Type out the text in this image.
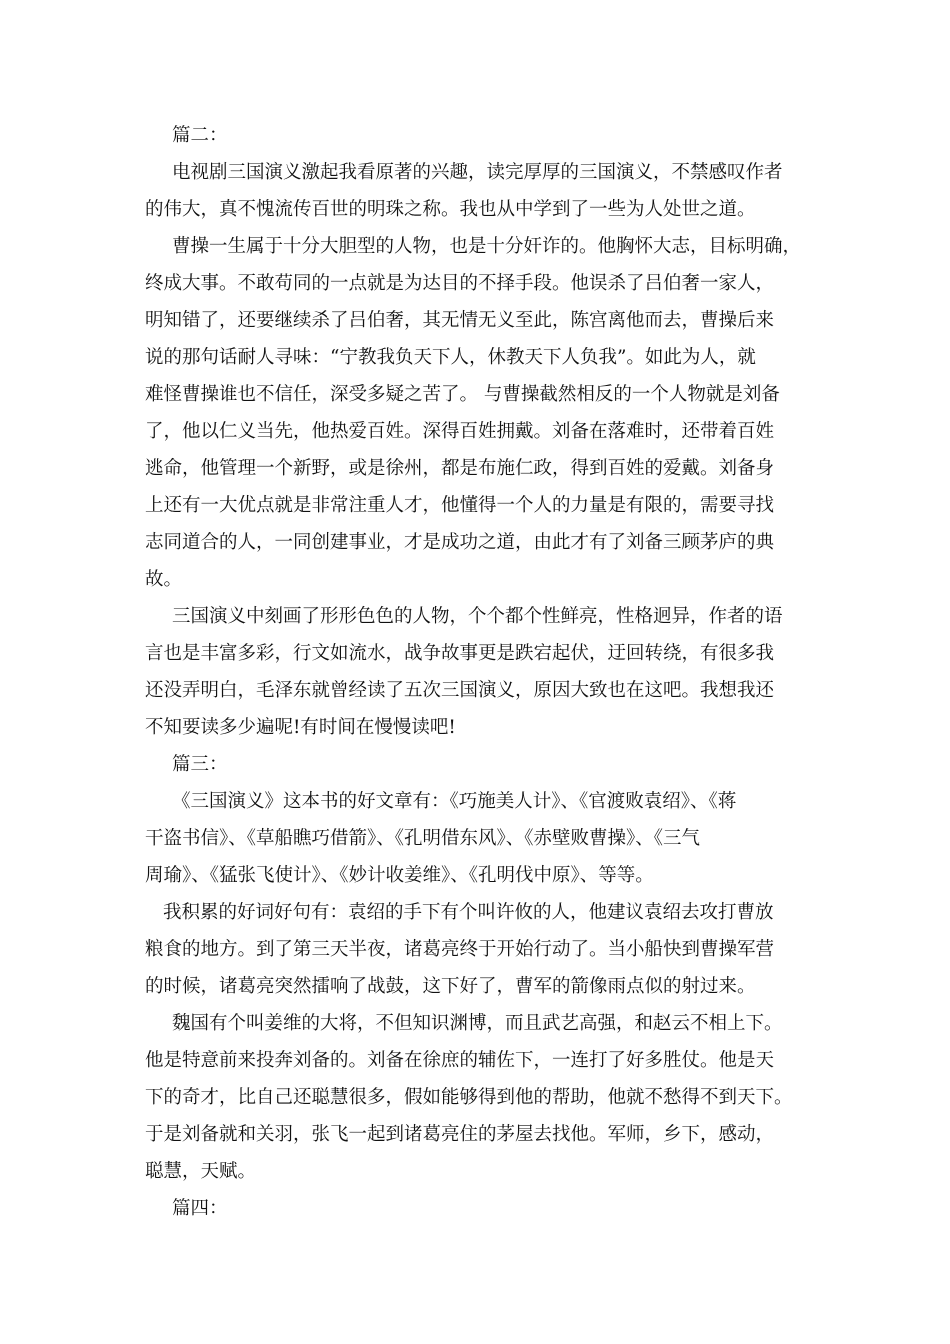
篇二：

电视剧三国演义激起我看原著的兴趣，读完厚厚的三国演义，不禁感叹作者

的伟大，真不愧流传百世的明珠之称。我也从中学到了一些为人处世之道。

曹操一生属于十分大胆型的人物，也是十分奸诈的。他胸怀大志，目标明确，

终成大事。不敢苟同的一点就是为达目的不择手段。他误杀了吕伯奢一家人，

明知错了，还要继续杀了吕伯奢，其无情无义至此，陈宫离他而去，曹操后来

说的那句话耐人寻味：“宁教我负天下人，休教天下人负我”。如此为人，就

难怪曹操谁也不信任，深受多疑之苦了。 与曹操截然相反的一个人物就是刘备

了，他以仁义当先，他热爱百姓。深得百姓拥戴。刘备在落难时，还带着百姓

逃命，他管理一个新野，或是徐州，都是布施仁政，得到百姓的爱戴。刘备身

上还有一大优点就是非常注重人才，他懂得一个人的力量是有限的，需要寻找

志同道合的人，一同创建事业，才是成功之道，由此才有了刘备三顾茅庐的典

故。

三国演义中刻画了形形色色的人物，个个都个性鲜亮，性格迥异，作者的语

言也是丰富多彩，行文如流水，战争故事更是跌宕起伏，迂回转绕，有很多我

还没弄明白，毛泽东就曾经读了五次三国演义，原因大致也在这吧。我想我还

不知要读多少遍呢!有时间在慢慢读吧!

篇三：

《三国演义》这本书的好文章有：《巧施美人计》、《官渡败袁绍》、《蒋

干盗书信》、《草船瞧巧借箭》、《孔明借东风》、《赤壁败曹操》、《三气

周瑜》、《猛张飞使计》、《妙计收姜维》、《孔明伐中原》、等等。

我积累的好词好句有：袁绍的手下有个叫许攸的人，他建议袁绍去攻打曹放

粮食的地方。到了第三天半夜，诸葛亮终于开始行动了。当小船快到曹操军营

的时候，诸葛亮突然擂响了战鼓，这下好了，曹军的箭像雨点似的射过来。

魏国有个叫姜维的大将，不但知识渊博，而且武艺高强，和赵云不相上下。

他是特意前来投奔刘备的。刘备在徐庶的辅佐下，一连打了好多胜仗。他是天

下的奇才，比自己还聪慧很多，假如能够得到他的帮助，他就不愁得不到天下。

于是刘备就和关羽，张飞一起到诸葛亮住的茅屋去找他。军师，乡下，感动，

聪慧，天赋。

篇四：
